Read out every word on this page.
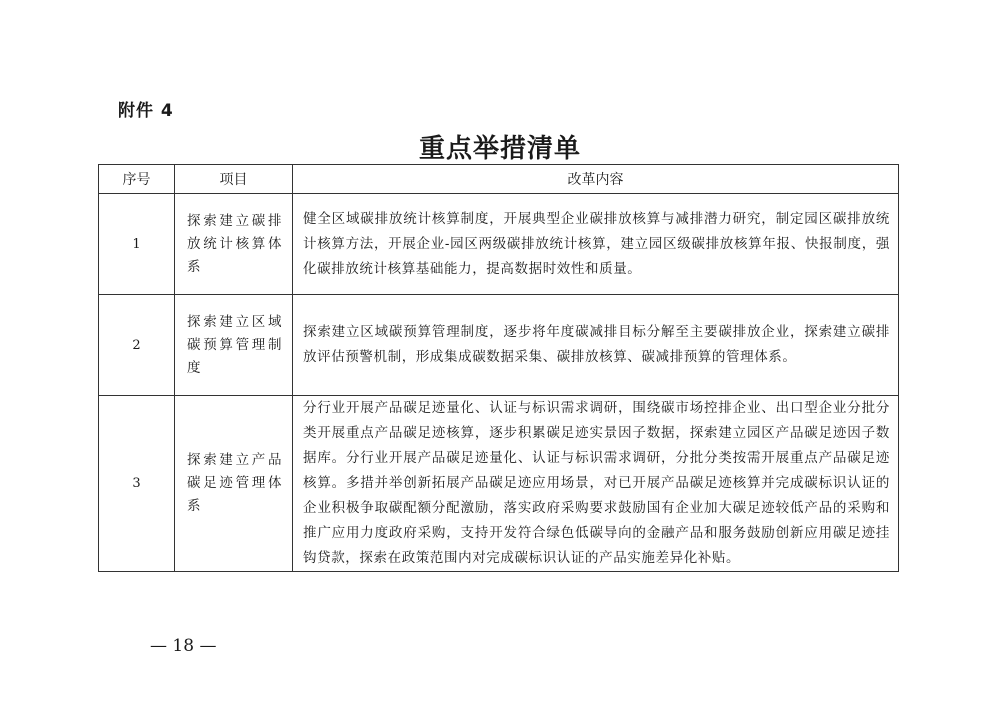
附件 4
重点举措清单
序号	项目	改革内容
1	探索建立碳排放统计核算体系	健全区域碳排放统计核算制度，开展典型企业碳排放核算与减排潜力研究，制定园区碳排放统计核算方法，开展企业-园区两级碳排放统计核算，建立园区级碳排放核算年报、快报制度，强化碳排放统计核算基础能力，提高数据时效性和质量。
2	探索建立区域碳预算管理制度	探索建立区域碳预算管理制度，逐步将年度碳减排目标分解至主要碳排放企业，探索建立碳排放评估预警机制，形成集成碳数据采集、碳排放核算、碳减排预算的管理体系。
3	探索建立产品碳足迹管理体系	分行业开展产品碳足迹量化、认证与标识需求调研，围绕碳市场控排企业、出口型企业分批分类开展重点产品碳足迹核算，逐步积累碳足迹实景因子数据，探索建立园区产品碳足迹因子数据库。分行业开展产品碳足迹量化、认证与标识需求调研，分批分类按需开展重点产品碳足迹核算。多措并举创新拓展产品碳足迹应用场景，对已开展产品碳足迹核算并完成碳标识认证的企业积极争取碳配额分配激励，落实政府采购要求鼓励国有企业加大碳足迹较低产品的采购和推广应用力度政府采购，支持开发符合绿色低碳导向的金融产品和服务鼓励创新应用碳足迹挂钩贷款，探索在政策范围内对完成碳标识认证的产品实施差异化补贴。
— 18 —
